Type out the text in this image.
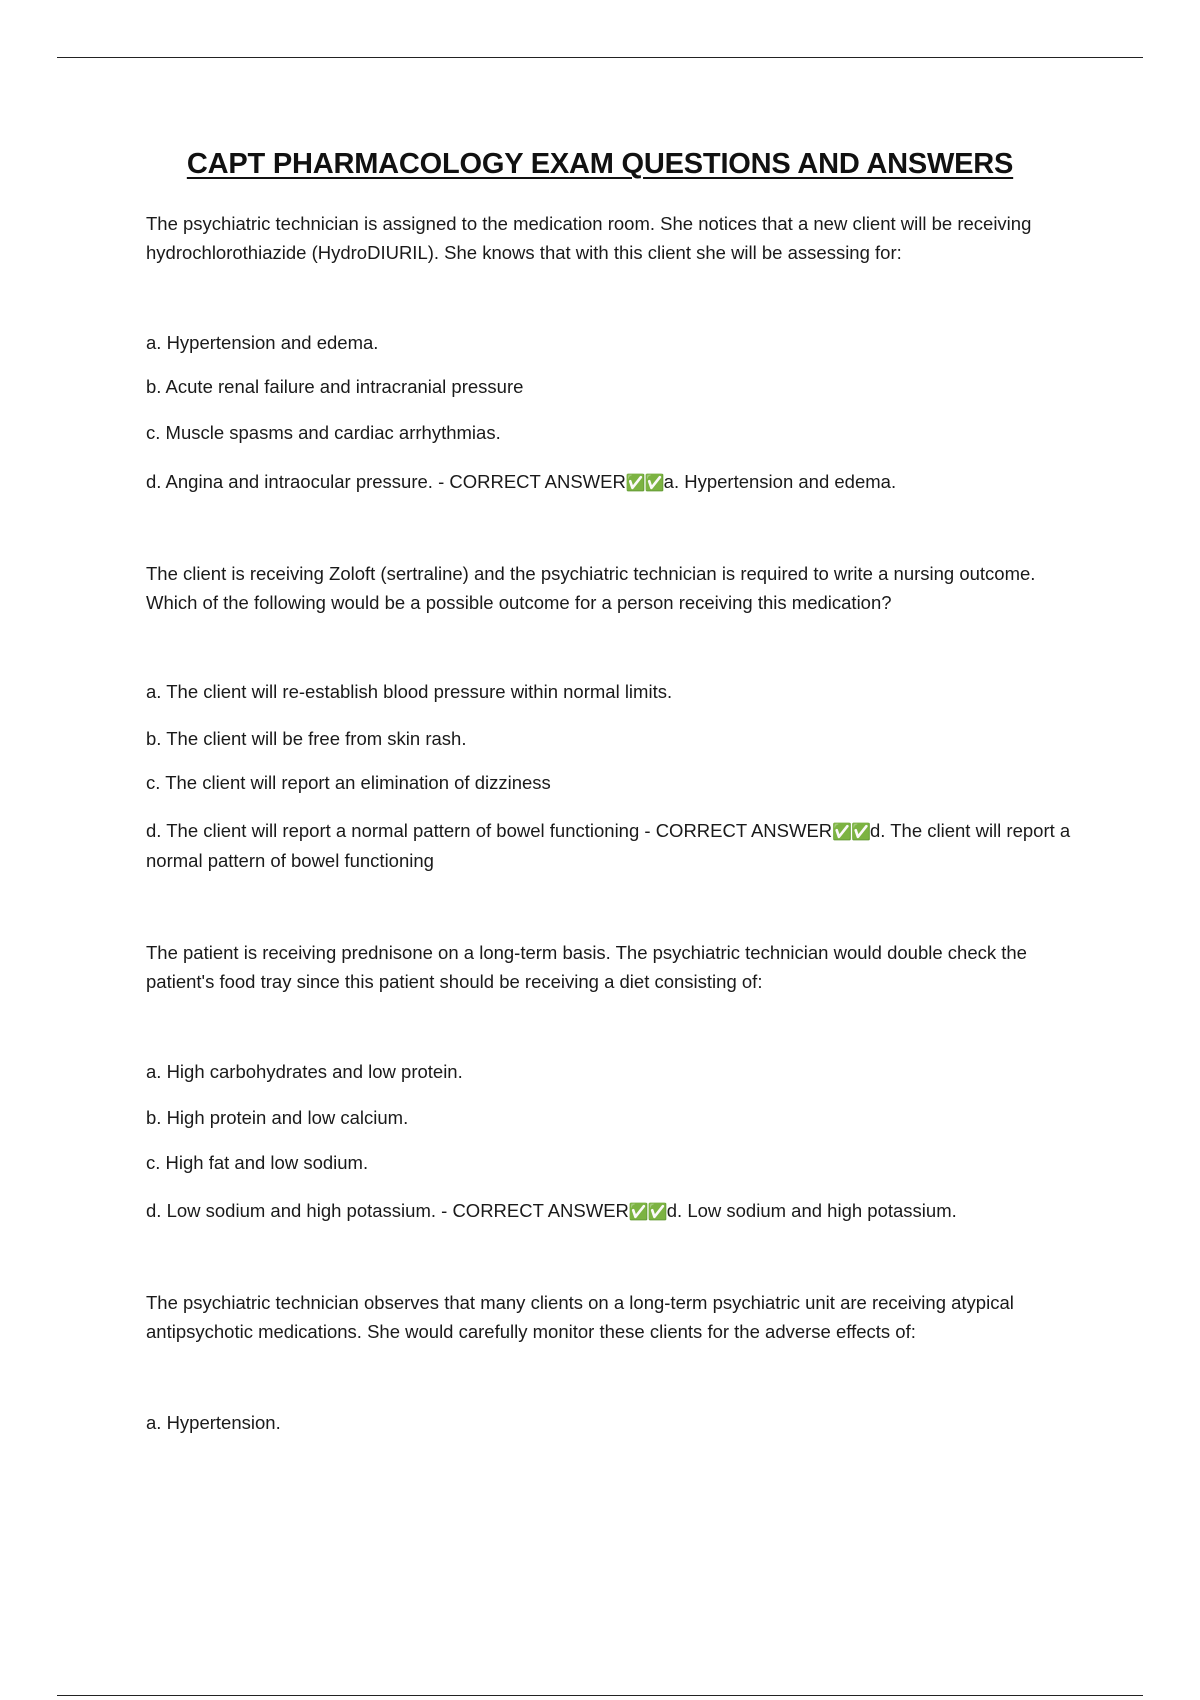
CAPT PHARMACOLOGY EXAM QUESTIONS AND ANSWERS

The psychiatric technician is assigned to the medication room. She notices that a new client will be receiving hydrochlorothiazide (HydroDIURIL). She knows that with this client she will be assessing for:

a. Hypertension and edema.

b. Acute renal failure and intracranial pressure

c. Muscle spasms and cardiac arrhythmias.

d. Angina and intraocular pressure. - CORRECT ANSWER✅✅a. Hypertension and edema.

The client is receiving Zoloft (sertraline) and the psychiatric technician is required to write a nursing outcome. Which of the following would be a possible outcome for a person receiving this medication?

a. The client will re-establish blood pressure within normal limits.

b. The client will be free from skin rash.

c. The client will report an elimination of dizziness

d. The client will report a normal pattern of bowel functioning - CORRECT ANSWER✅✅d. The client will report a normal pattern of bowel functioning

The patient is receiving prednisone on a long-term basis. The psychiatric technician would double check the patient's food tray since this patient should be receiving a diet consisting of:

a. High carbohydrates and low protein.

b. High protein and low calcium.

c. High fat and low sodium.

d. Low sodium and high potassium. - CORRECT ANSWER✅✅d. Low sodium and high potassium.

The psychiatric technician observes that many clients on a long-term psychiatric unit are receiving atypical antipsychotic medications. She would carefully monitor these clients for the adverse effects of:

a. Hypertension.
